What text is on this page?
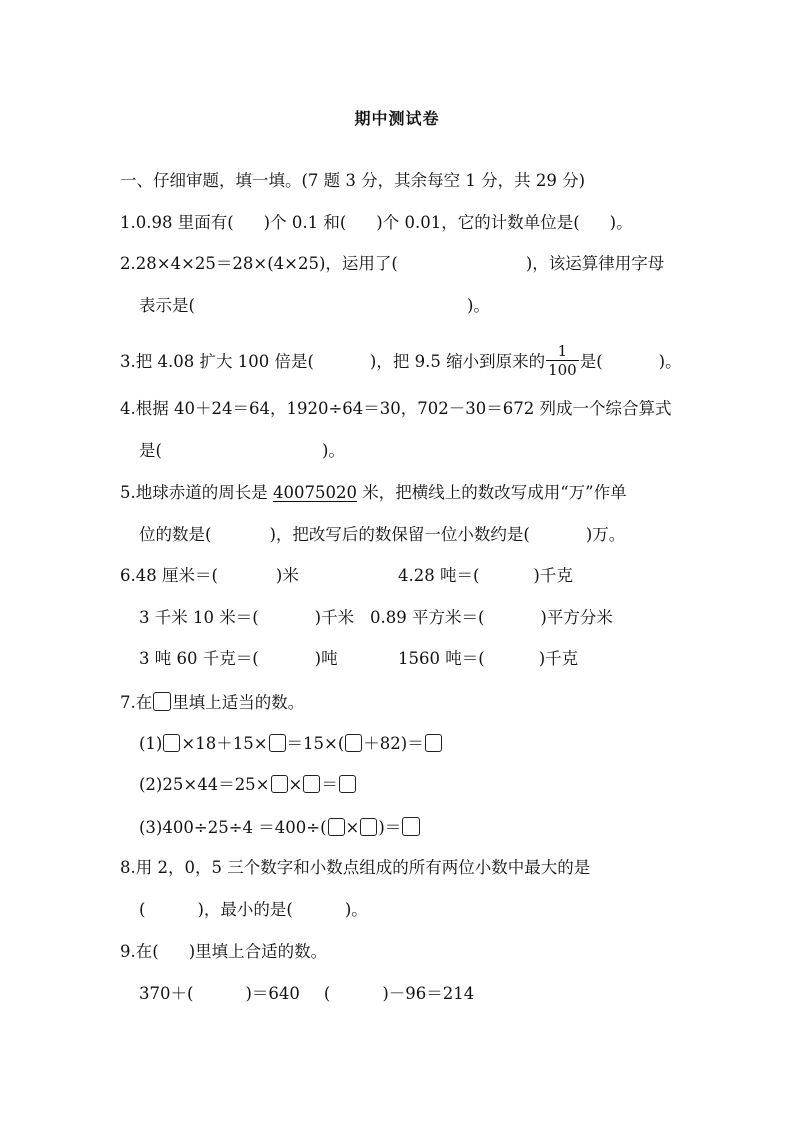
期中测试卷
一、仔细审题，填一填。(7 题 3 分，其余每空 1 分，共 29 分)
1.0.98 里面有( )个 0.1 和( )个 0.01，它的计数单位是( )。
2.28×4×25＝28×(4×25)，运用了(	)，该运算律用字母
表示是(	)。
3.把 4.08 扩大 100 倍是(	)，把 9.5 缩小到原来的 $\frac{1}{100}$ 是(	)。
4.根据 40＋24＝64，1920÷64＝30，702－30＝672 列成一个综合算式
是(	)。
5.地球赤道的周长是 40075020 米，把横线上的数改写成用“万”作单
位的数是(	)，把改写后的数保留一位小数约是(	)万。
6.48 厘米＝(	)米	4.28 吨＝(	)千克
3 千米 10 米＝(	)千米 0.89 平方米＝(	)平方分米
3 吨 60 千克＝(	)吨	1560 吨＝(	)千克
7.在 里填上适当的数。
(1) ×18＋15× ＝15×( ＋82)＝
(2)25×44＝25× × ＝
(3)400÷25÷4 ＝400÷( × )＝
8.用 2，0，5 三个数字和小数点组成的所有两位小数中最大的是
(	)，最小的是(	)。
9.在( )里填上合适的数。
370＋(	)＝640 (	)－96＝214
